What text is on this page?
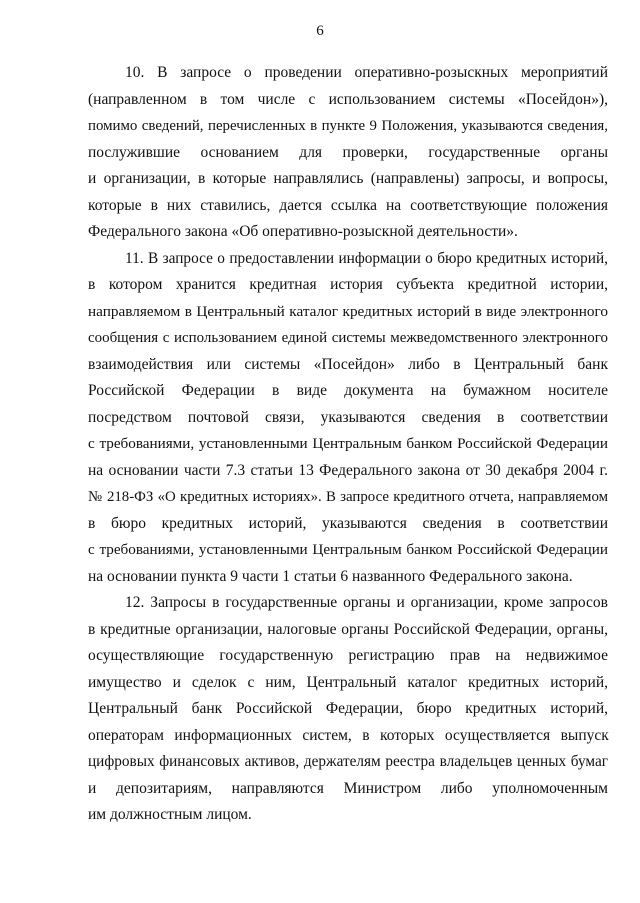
6
10. В запросе о проведении оперативно-розыскных мероприятий
(направленном в том числе с использованием системы «Посейдон»),
помимо сведений, перечисленных в пункте 9 Положения, указываются сведения,
послужившие основанием для проверки, государственные органы
и организации, в которые направлялись (направлены) запросы, и вопросы,
которые в них ставились, дается ссылка на соответствующие положения
Федерального закона «Об оперативно-розыскной деятельности».
11. В запросе о предоставлении информации о бюро кредитных историй,
в котором хранится кредитная история субъекта кредитной истории,
направляемом в Центральный каталог кредитных историй в виде электронного
сообщения с использованием единой системы межведомственного электронного
взаимодействия или системы «Посейдон» либо в Центральный банк
Российской Федерации в виде документа на бумажном носителе
посредством почтовой связи, указываются сведения в соответствии
с требованиями, установленными Центральным банком Российской Федерации
на основании части 7.3 статьи 13 Федерального закона от 30 декабря 2004 г.
№ 218-ФЗ «О кредитных историях». В запросе кредитного отчета, направляемом
в бюро кредитных историй, указываются сведения в соответствии
с требованиями, установленными Центральным банком Российской Федерации
на основании пункта 9 части 1 статьи 6 названного Федерального закона.
12. Запросы в государственные органы и организации, кроме запросов
в кредитные организации, налоговые органы Российской Федерации, органы,
осуществляющие государственную регистрацию прав на недвижимое
имущество и сделок с ним, Центральный каталог кредитных историй,
Центральный банк Российской Федерации, бюро кредитных историй,
операторам информационных систем, в которых осуществляется выпуск
цифровых финансовых активов, держателям реестра владельцев ценных бумаг
и депозитариям, направляются Министром либо уполномоченным
им должностным лицом.
